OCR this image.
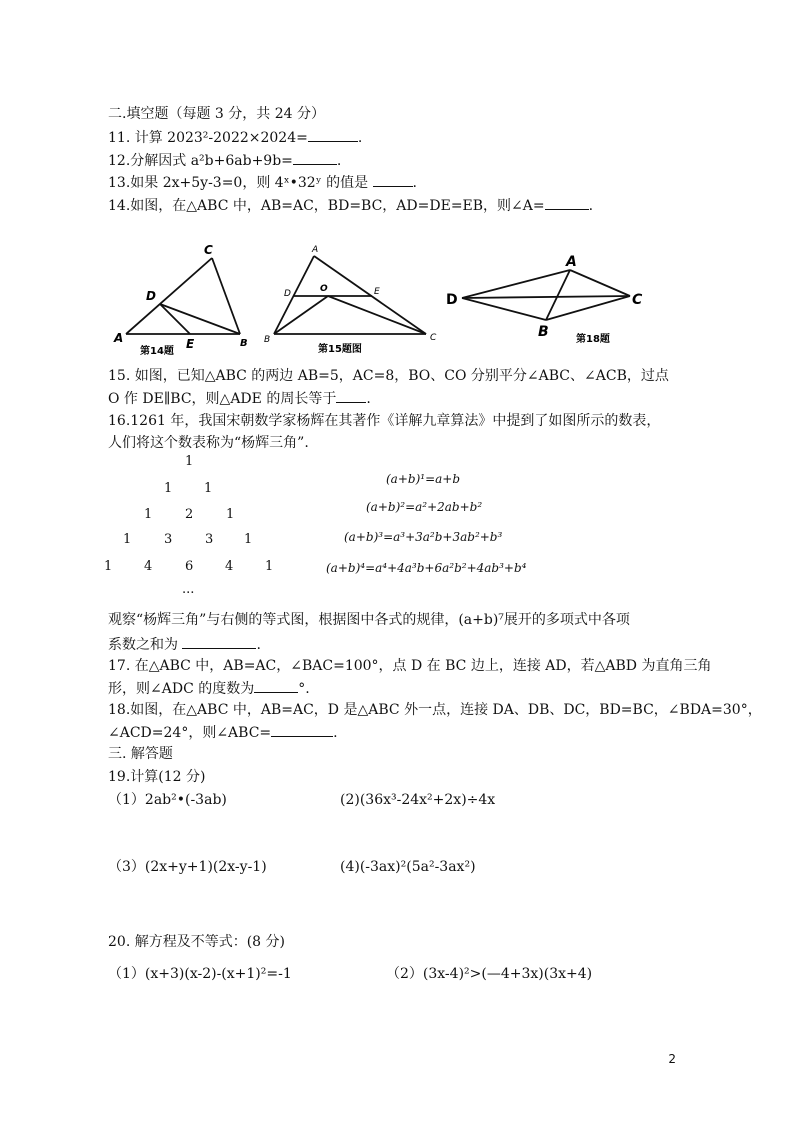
二.填空题（每题 3 分，共 24 分）
11. 计算 2023²-2022×2024=	.
12.分解因式 a²b+6ab+9b=	.
13.如果 2x+5y-3=0，则 4ˣ•32ʸ 的值是	.
14.如图，在△ABC 中，AB=AC，BD=BC，AD=DE=EB，则∠A=	.
C
D
A	E	B
第14题
A
D	O	E
B	C
第15题图
A
D	C
B	第18题
15. 如图，已知△ABC 的两边 AB=5，AC=8，BO、CO 分别平分∠ABC、∠ACB，过点
O 作 DE∥BC，则△ADE 的周长等于 .
16.1261 年，我国宋朝数学家杨辉在其著作《详解九章算法》中提到了如图所示的数表，
人们将这个数表称为“杨辉三角”.
1
1 1
1	2	1
1	3	3 1
1 4	6 4 1
...
(a+b)¹=a+b
(a+b)²=a²+2ab+b²
(a+b)³=a³+3a²b+3ab²+b³
(a+b)⁴=a⁴+4a³b+6a²b²+4ab³+b⁴
观察“杨辉三角”与右侧的等式图，根据图中各式的规律，(a+b)⁷展开的多项式中各项
系数之和为	.
17. 在△ABC 中，AB=AC，∠BAC=100°，点 D 在 BC 边上，连接 AD，若△ABD 为直角三角
形，则∠ADC 的度数为	°.
18.如图，在△ABC 中，AB=AC，D 是△ABC 外一点，连接 DA、DB、DC，BD=BC，∠BDA=30°，
∠ACD=24°，则∠ABC=	.
三. 解答题
19.计算(12 分)
（1）2ab²•(-3ab)	(2)(36x³-24x²+2x)÷4x
（3）(2x+y+1)(2x-y-1)	(4)(-3ax)²(5a²-3ax²)
20. 解方程及不等式：(8 分)
（1）(x+3)(x-2)-(x+1)²=-1	（2）(3x-4)²>(—4+3x)(3x+4)
2
